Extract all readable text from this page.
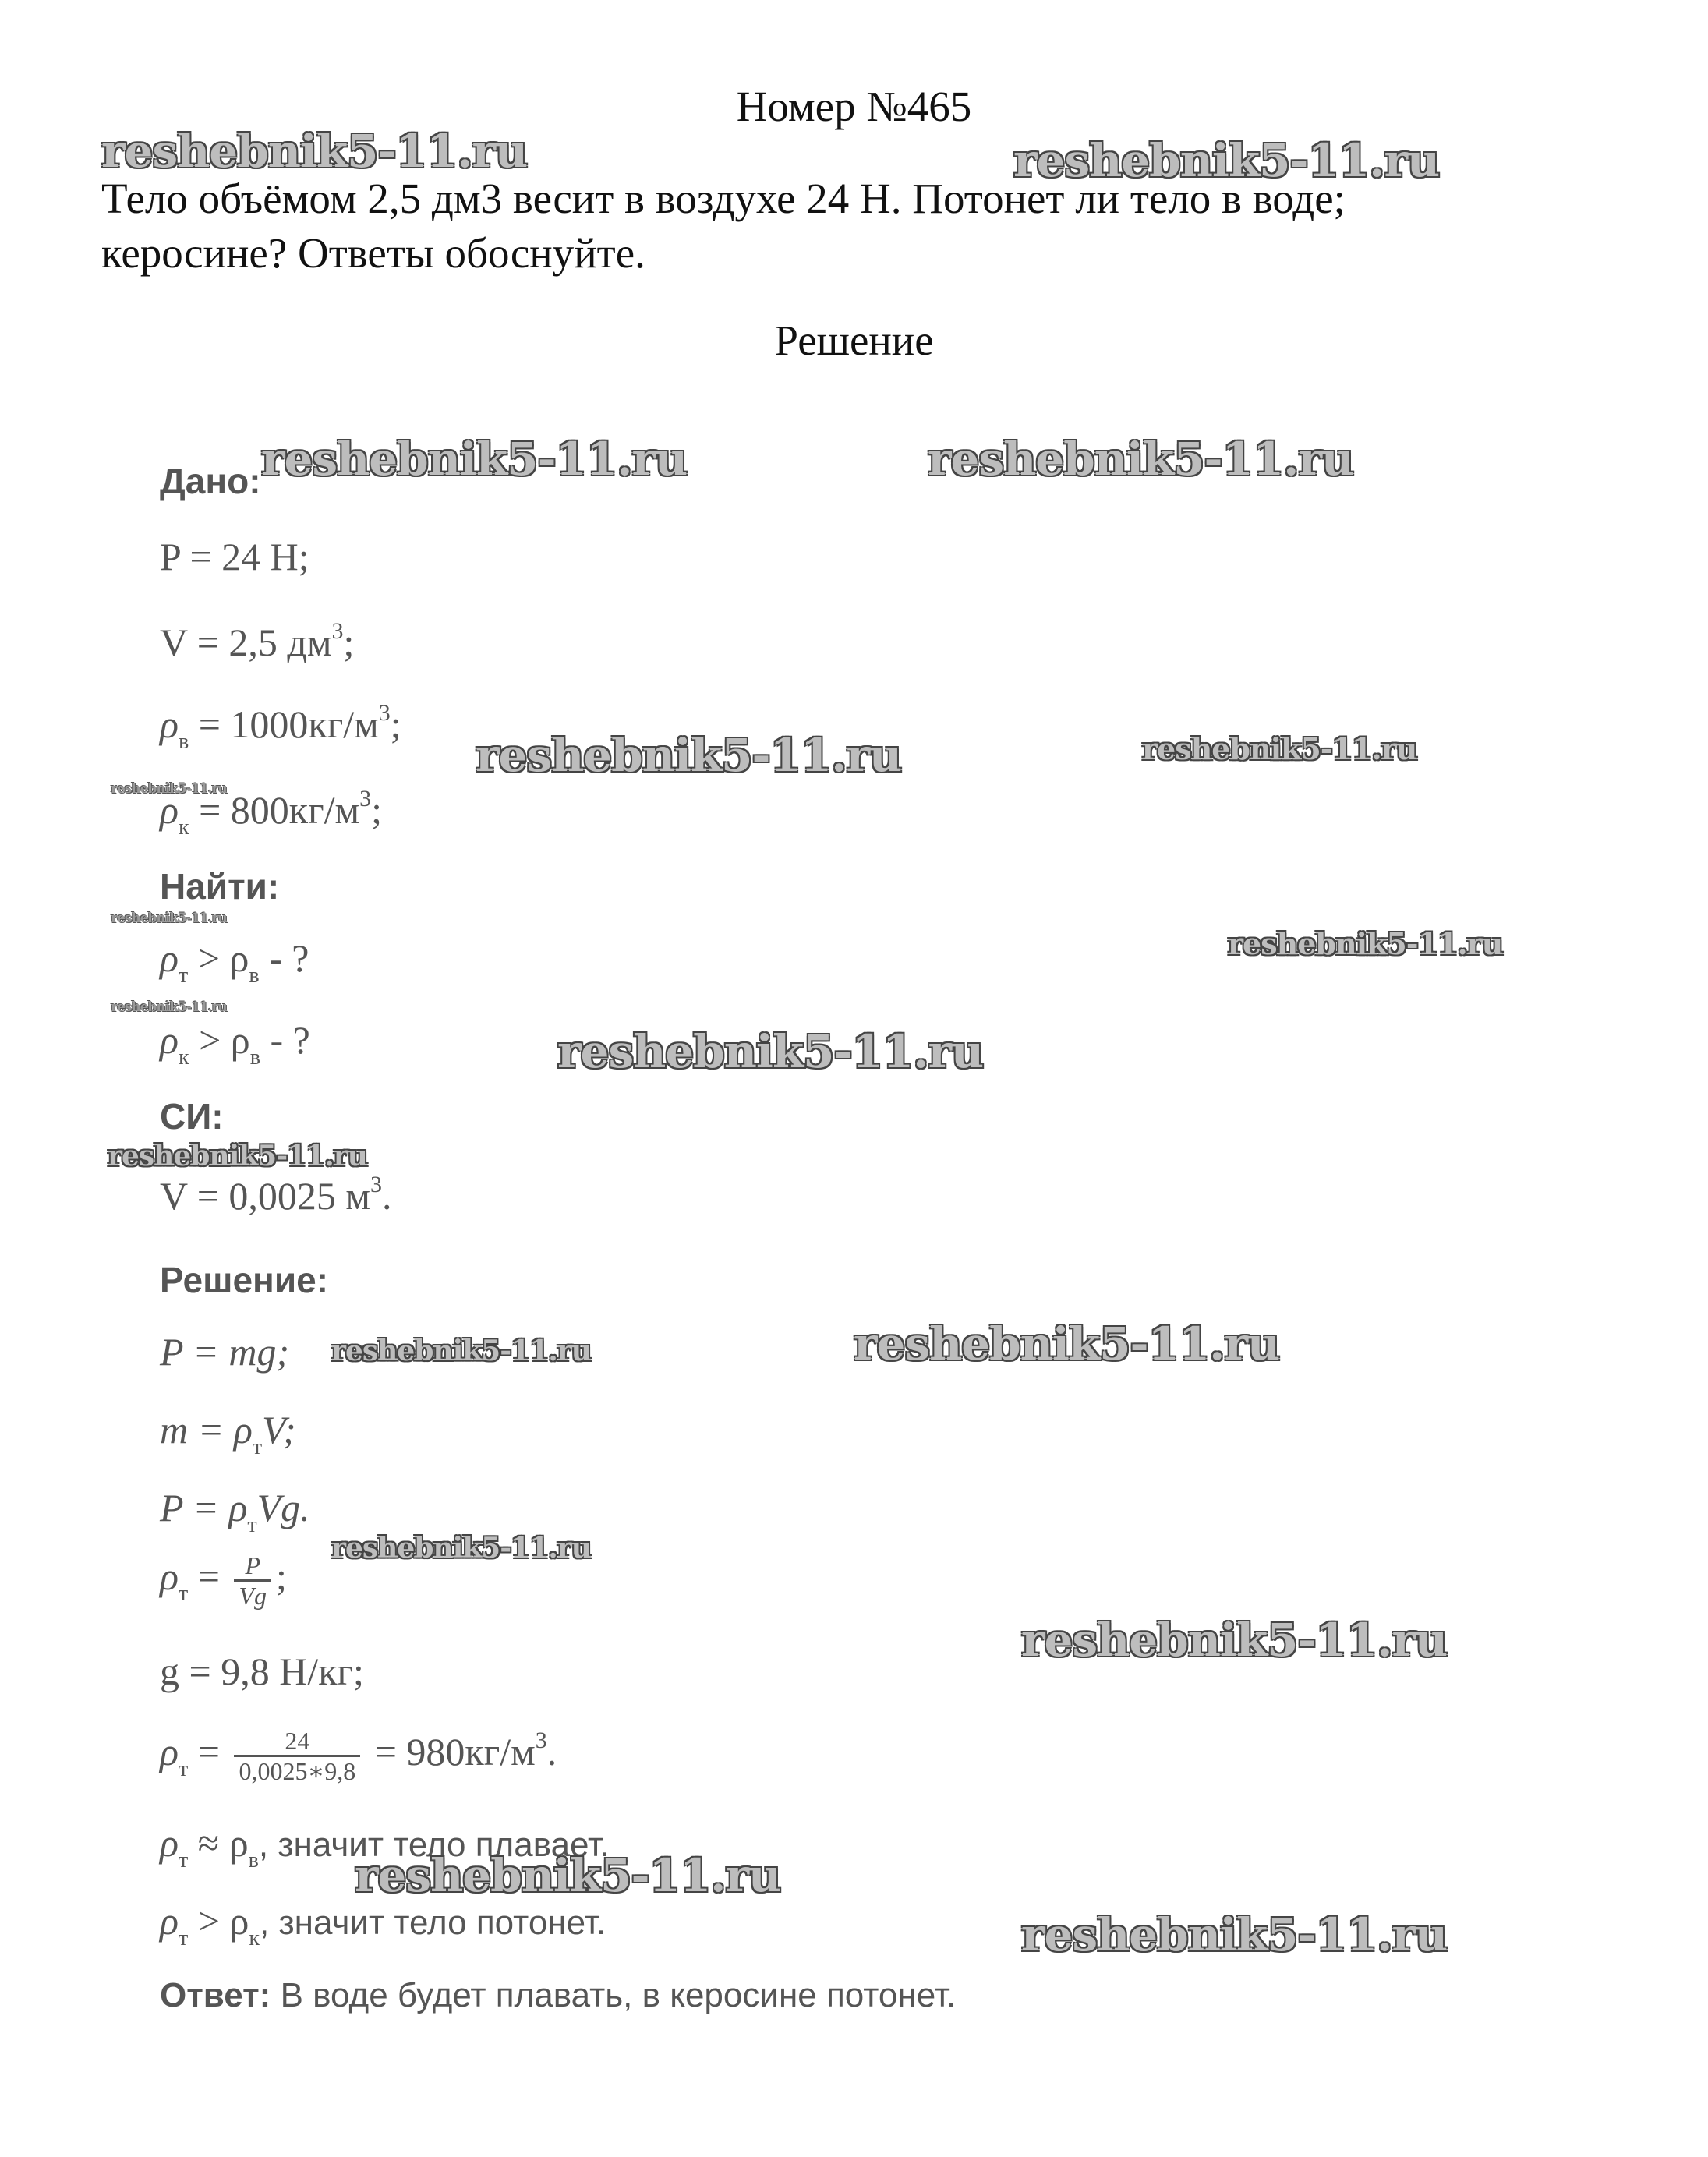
Номер №465
Тело объёмом 2,5 дм3 весит в воздухе 24 Н. Потонет ли тело в воде;
керосине? Ответы обоснуйте.
Решение
Дано:
P = 24 Н;
V = 2,5 $дм^3$;
$\rho_в = 1000кг/м^3$;
$\rho_к = 800кг/м^3$;
Найти:
$\rho_т > \rho_в$ - ?
$\rho_к > \rho_в$ - ?
СИ:
V = 0,0025 $м^3$.
Решение:
P = mg;
$m = \rho_тV$;
$P = \rho_тVg$.
$\rho_т = \frac{P}{Vg}$ ;
g = 9,8 Н/кг;
$\rho_т = \frac{24}{0,0025∗9,8} = 980кг/м^3$.
$\rho_т \approx \rho_в$, значит тело плавает.
$\rho_т > \rho_к$, значит тело потонет.
Ответ: В воде будет плавать, в керосине потонет.
reshebnik5-11.ru	reshebnik5-11.ru
reshebnik5-11.ru	reshebnik5-11.ru
reshebnik5-11.ru	reshebnik5-11.ru
reshebnik5-11.ru
reshebnik5-11.ru
reshebnik5-11.ru
reshebnik5-11.ru
reshebnik5-11.ru
reshebnik5-11.ru
reshebnik5-11.ru	reshebnik5-11.ru
reshebnik5-11.ru
reshebnik5-11.ru
reshebnik5-11.ru
reshebnik5-11.ru
